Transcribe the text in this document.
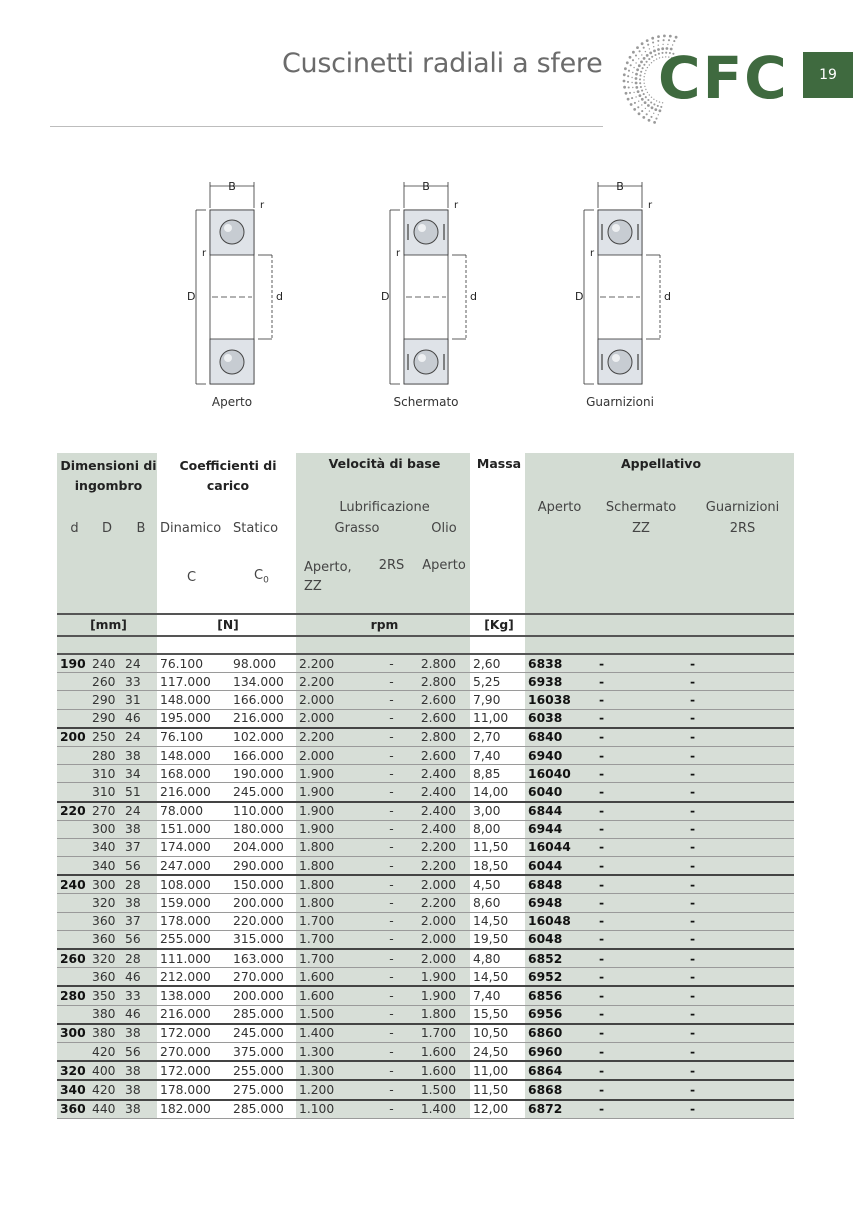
Cuscinetti radiali a sfere CFC	19
B
r
r
D	d
Aperto
B
r
r
D	d
Schermato
B
r
r
D	d
Guarnizioni
Dimensioni di ingombro			Coefficienti di carico		Velocità di base			Massa	Appellativo		
					Lubrificazione				Aperto	Schermato	Guarnizioni
d	D	B	Dinamico	Statico	Grasso		Olio			ZZ	2RS

			C	$C_0$	Aperto, ZZ	2RS	Aperto				

[mm]			[N]		rpm			[Kg]			

190	240	24	76.100	98.000	2.200	-	2.800	2,60	6838	-	-
	260	33	117.000	134.000	2.200	-	2.800	5,25	6938	-	-
	290	31	148.000	166.000	2.000	-	2.600	7,90	16038	-	-
	290	46	195.000	216.000	2.000	-	2.600	11,00	6038	-	-
200	250	24	76.100	102.000	2.200	-	2.800	2,70	6840	-	-
	280	38	148.000	166.000	2.000	-	2.600	7,40	6940	-	-
	310	34	168.000	190.000	1.900	-	2.400	8,85	16040	-	-
	310	51	216.000	245.000	1.900	-	2.400	14,00	6040	-	-
220	270	24	78.000	110.000	1.900	-	2.400	3,00	6844	-	-
	300	38	151.000	180.000	1.900	-	2.400	8,00	6944	-	-
	340	37	174.000	204.000	1.800	-	2.200	11,50	16044	-	-
	340	56	247.000	290.000	1.800	-	2.200	18,50	6044	-	-
240	300	28	108.000	150.000	1.800	-	2.000	4,50	6848	-	-
	320	38	159.000	200.000	1.800	-	2.200	8,60	6948	-	-
	360	37	178.000	220.000	1.700	-	2.000	14,50	16048	-	-
	360	56	255.000	315.000	1.700	-	2.000	19,50	6048	-	-
260	320	28	111.000	163.000	1.700	-	2.000	4,80	6852	-	-
	360	46	212.000	270.000	1.600	-	1.900	14,50	6952	-	-
280	350	33	138.000	200.000	1.600	-	1.900	7,40	6856	-	-
	380	46	216.000	285.000	1.500	-	1.800	15,50	6956	-	-
300	380	38	172.000	245.000	1.400	-	1.700	10,50	6860	-	-
	420	56	270.000	375.000	1.300	-	1.600	24,50	6960	-	-
320	400	38	172.000	255.000	1.300	-	1.600	11,00	6864	-	-
340	420	38	178.000	275.000	1.200	-	1.500	11,50	6868	-	-
360	440	38	182.000	285.000	1.100	-	1.400	12,00	6872	-	-
